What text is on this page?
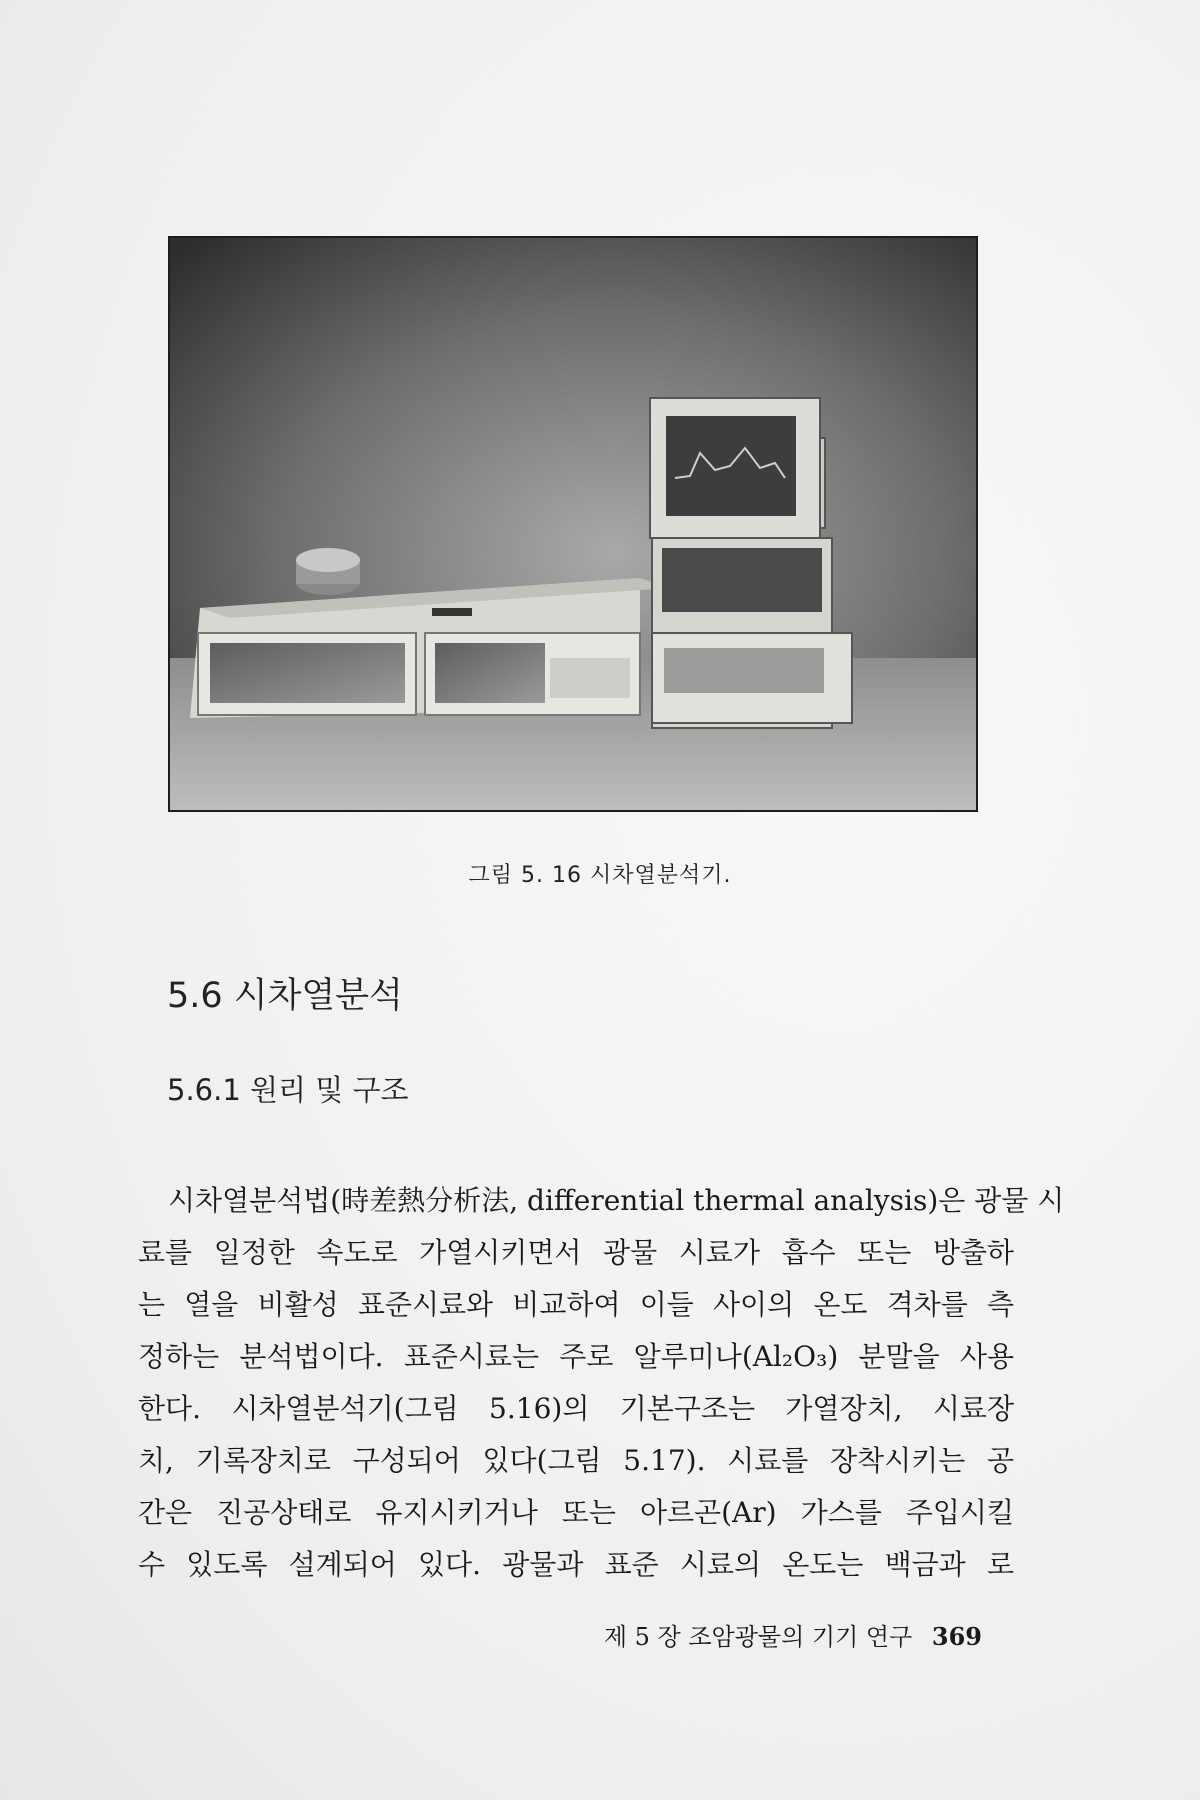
그림 5. 16 시차열분석기.
5.6 시차열분석
5.6.1 원리 및 구조
시차열분석법(時差熱分析法, differential thermal analysis)은 광물 시
료를 일정한 속도로 가열시키면서 광물 시료가 흡수 또는 방출하
는 열을 비활성 표준시료와 비교하여 이들 사이의 온도 격차를 측
정하는 분석법이다. 표준시료는 주로 알루미나(Al₂O₃) 분말을 사용
한다. 시차열분석기(그림 5.16)의 기본구조는 가열장치, 시료장
치, 기록장치로 구성되어 있다(그림 5.17). 시료를 장착시키는 공
간은 진공상태로 유지시키거나 또는 아르곤(Ar) 가스를 주입시킬
수 있도록 설계되어 있다. 광물과 표준 시료의 온도는 백금과 로
제 5 장 조암광물의 기기 연구 369
